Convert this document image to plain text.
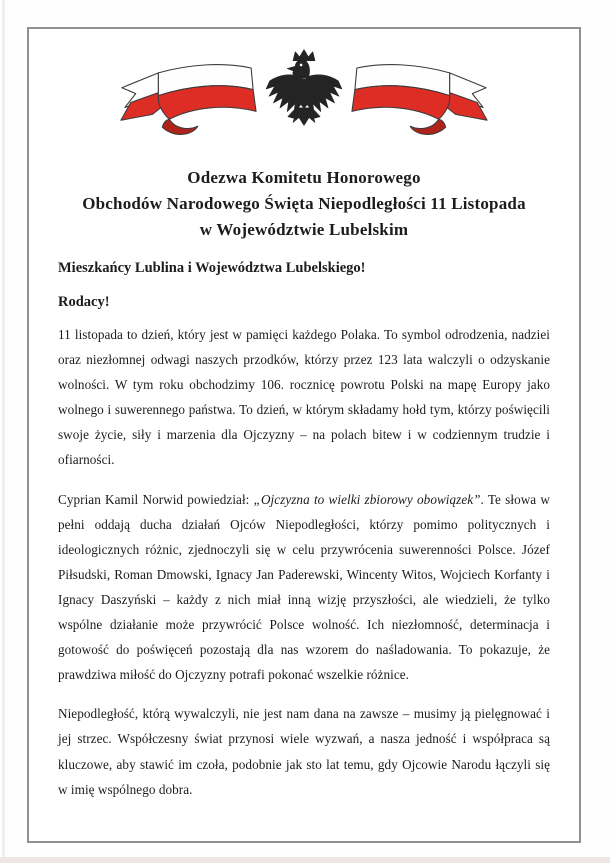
Odezwa Komitetu Honorowego
Obchodów Narodowego Święta Niepodległości 11 Listopada
w Województwie Lubelskim

Mieszkańcy Lublina i Województwa Lubelskiego!

Rodacy!

11 listopada to dzień, który jest w pamięci każdego Polaka. To symbol odrodzenia, nadziei oraz niezłomnej odwagi naszych przodków, którzy przez 123 lata walczyli o odzyskanie wolności. W tym roku obchodzimy 106. rocznicę powrotu Polski na mapę Europy jako wolnego i suwerennego państwa. To dzień, w którym składamy hołd tym, którzy poświęcili swoje życie, siły i marzenia dla Ojczyzny – na polach bitew i w codziennym trudzie i ofiarności.

Cyprian Kamil Norwid powiedział: „Ojczyzna to wielki zbiorowy obowiązek”. Te słowa w pełni oddają ducha działań Ojców Niepodległości, którzy pomimo politycznych i ideologicznych różnic, zjednoczyli się w celu przywrócenia suwerenności Polsce. Józef Piłsudski, Roman Dmowski, Ignacy Jan Paderewski, Wincenty Witos, Wojciech Korfanty i Ignacy Daszyński – każdy z nich miał inną wizję przyszłości, ale wiedzieli, że tylko wspólne działanie może przywrócić Polsce wolność. Ich niezłomność, determinacja i gotowość do poświęceń pozostają dla nas wzorem do naśladowania. To pokazuje, że prawdziwa miłość do Ojczyzny potrafi pokonać wszelkie różnice.

Niepodległość, którą wywalczyli, nie jest nam dana na zawsze – musimy ją pielęgnować i jej strzec. Współczesny świat przynosi wiele wyzwań, a nasza jedność i współpraca są kluczowe, aby stawić im czoła, podobnie jak sto lat temu, gdy Ojcowie Narodu łączyli się w imię wspólnego dobra.
